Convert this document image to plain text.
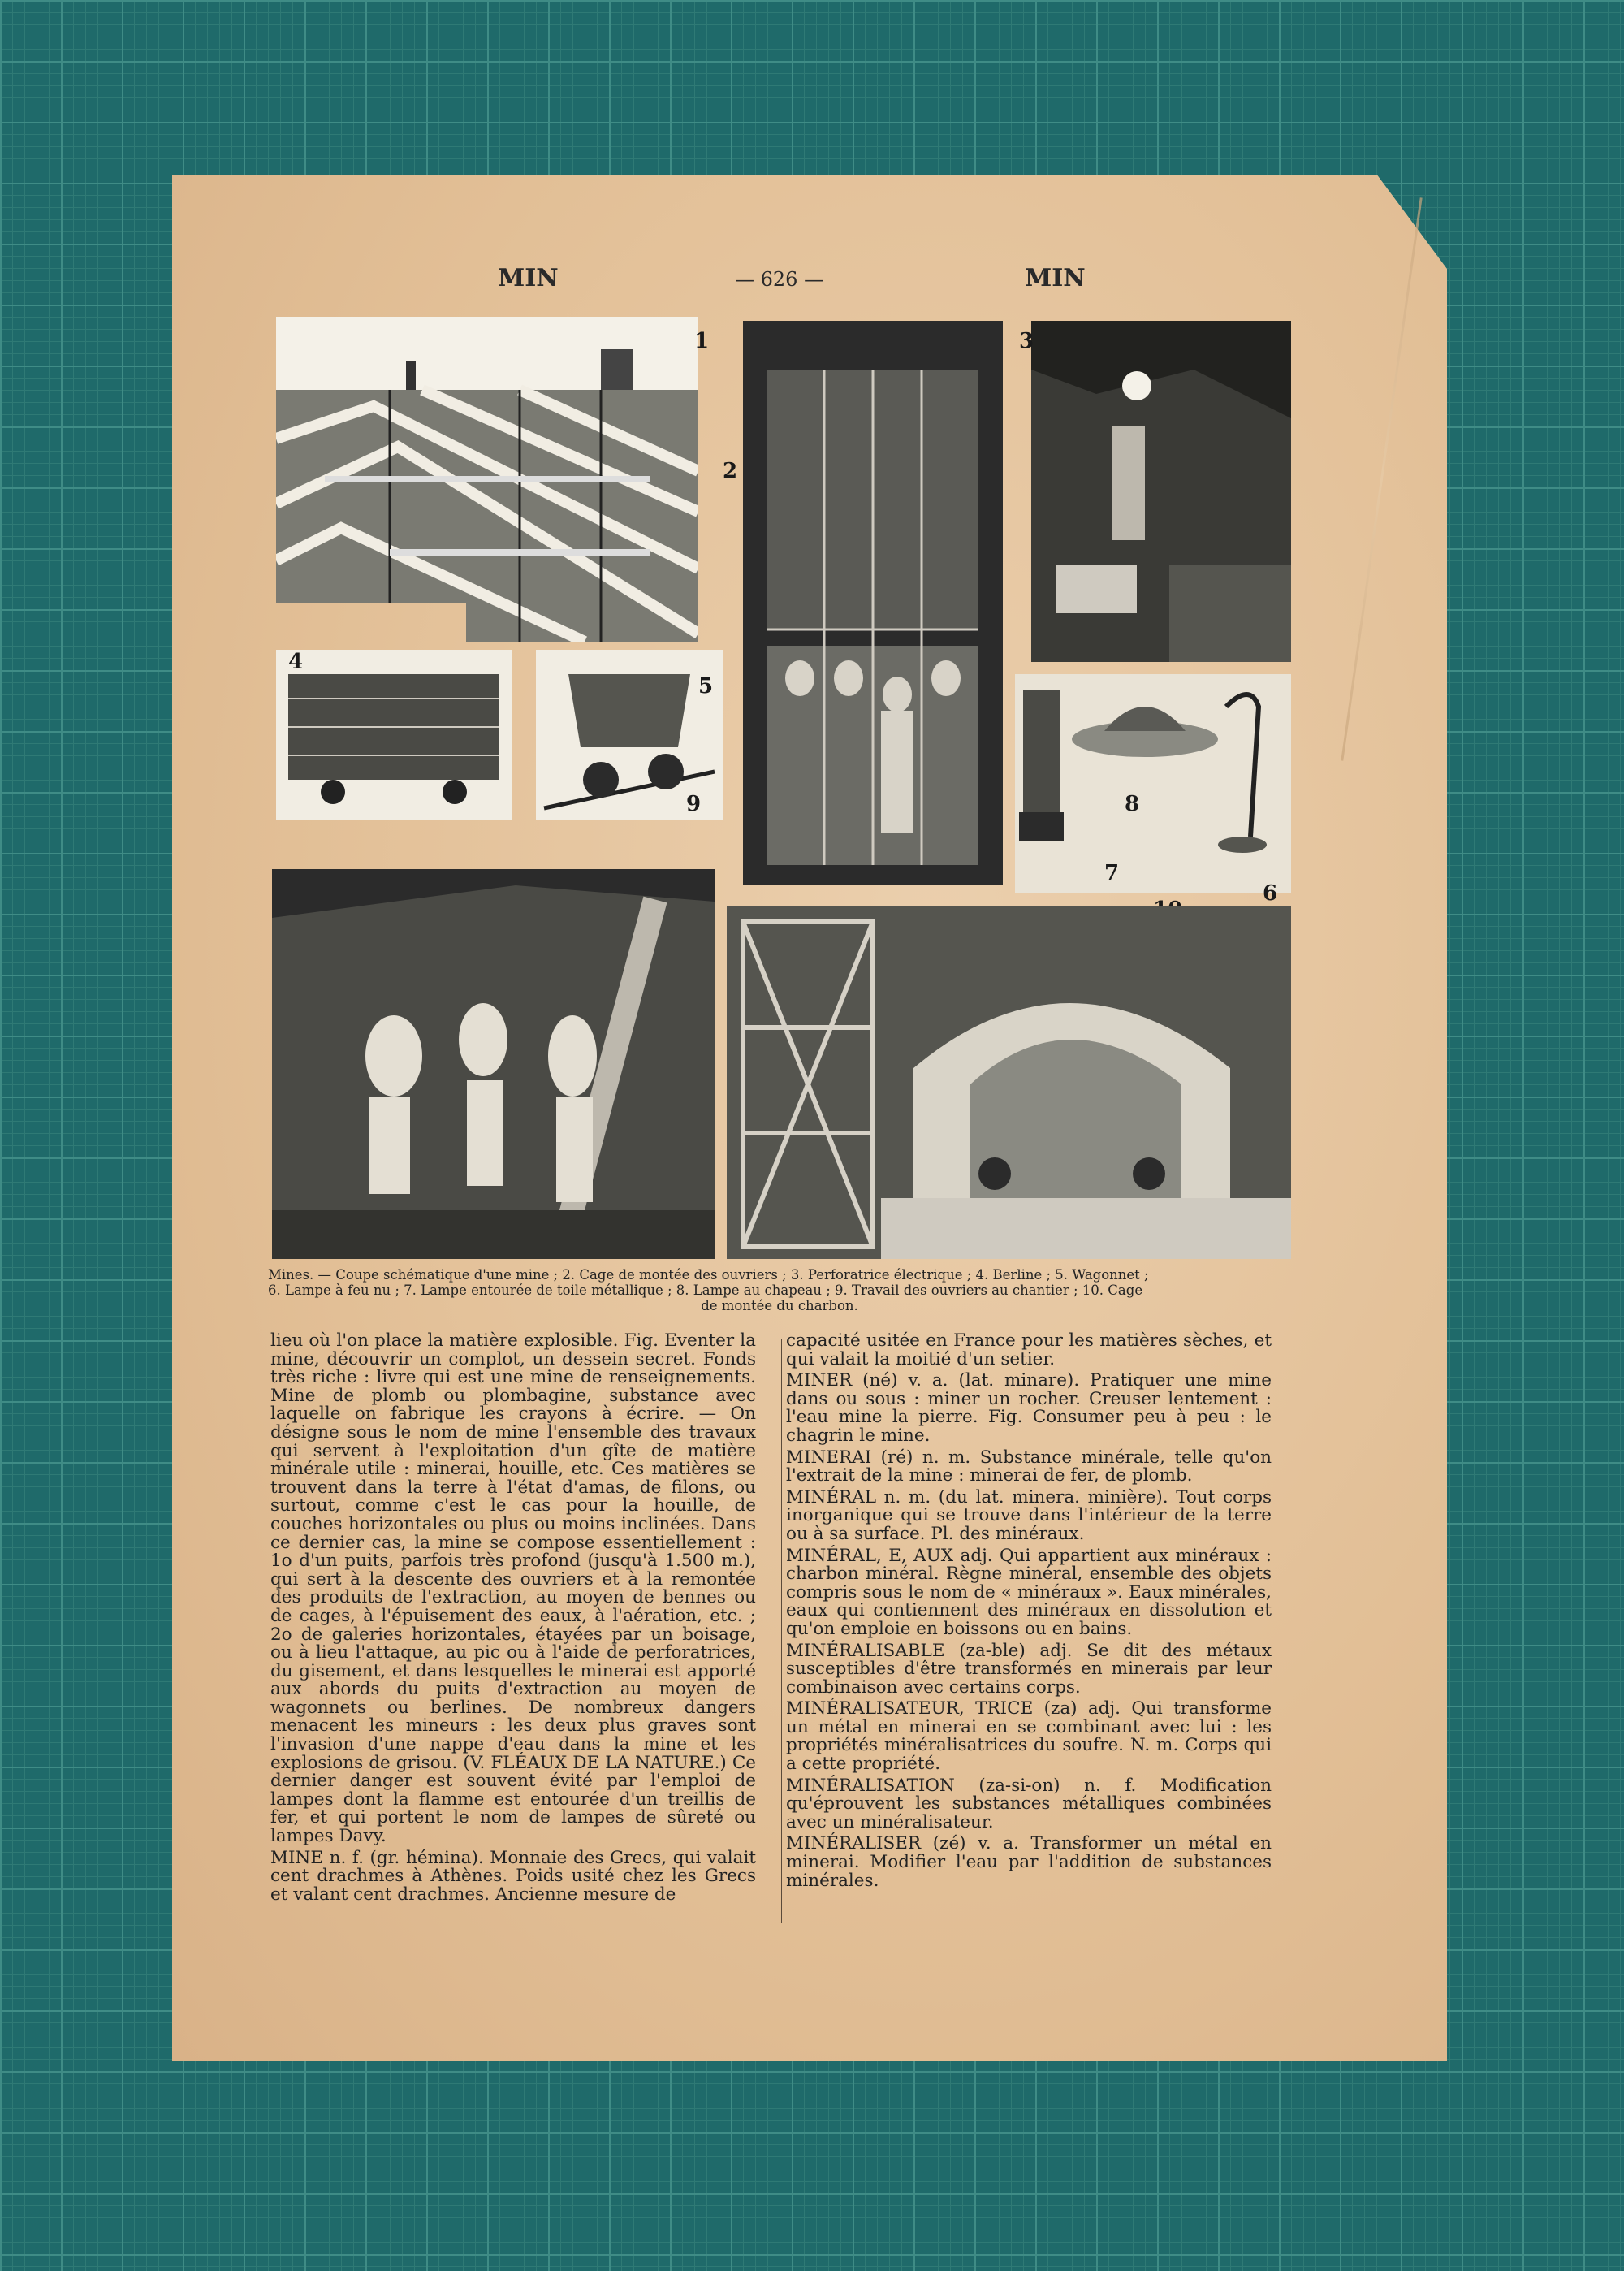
MIN	— 626 —	MIN
1
2
3
4
5
9	8
7
6
Mines. — Coupe schématique d'une mine ; 2. Cage de montée des ouvriers ; 3. Perforatrice électrique ; 4. Berline ; 5. Wagonnet ;
6. Lampe à feu nu ; 7. Lampe entourée de toile métallique ; 8. Lampe au chapeau ; 9. Travail des ouvriers au chantier ; 10. Cage
de montée du charbon.

lieu où l'on place la matière explosible. Fig. Eventer la mine, découvrir un complot, un dessein secret. Fonds très riche : livre qui est une mine de renseignements. Mine de plomb ou plombagine, substance avec laquelle on fabrique les crayons à écrire. — On désigne sous le nom de mine l'ensemble des travaux qui servent à l'exploitation d'un gîte de matière minérale utile : minerai, houille, etc. Ces matières se trouvent dans la terre à l'état d'amas, de filons, ou surtout, comme c'est le cas pour la houille, de couches horizontales ou plus ou moins inclinées. Dans ce dernier cas, la mine se compose essentiellement : 1o d'un puits, parfois très profond (jusqu'à 1.500 m.), qui sert à la descente des ouvriers et à la remontée des produits de l'extraction, au moyen de bennes ou de cages, à l'épuisement des eaux, à l'aération, etc. ; 2o de galeries horizontales, étayées par un boisage, ou à lieu l'attaque, au pic ou à l'aide de perforatrices, du gisement, et dans lesquelles le minerai est apporté aux abords du puits d'extraction au moyen de wagonnets ou berlines. De nombreux dangers menacent les mineurs : les deux plus graves sont l'invasion d'une nappe d'eau dans la mine et les explosions de grisou. (V. FLÉAUX DE LA NATURE.) Ce dernier danger est souvent évité par l'emploi de lampes dont la flamme est entourée d'un treillis de fer, et qui portent le nom de lampes de sûreté ou lampes Davy.

MINE n. f. (gr. hémina). Monnaie des Grecs, qui valait cent drachmes à Athènes. Poids usité chez les Grecs et valant cent drachmes. Ancienne mesure de

capacité usitée en France pour les matières sèches, et qui valait la moitié d'un setier.

MINER (né) v. a. (lat. minare). Pratiquer une mine dans ou sous : miner un rocher. Creuser lentement : l'eau mine la pierre. Fig. Consumer peu à peu : le chagrin le mine.

MINERAI (ré) n. m. Substance minérale, telle qu'on l'extrait de la mine : minerai de fer, de plomb.

MINÉRAL n. m. (du lat. minera. minière). Tout corps inorganique qui se trouve dans l'intérieur de la terre ou à sa surface. Pl. des minéraux.

MINÉRAL, E, AUX adj. Qui appartient aux minéraux : charbon minéral. Règne minéral, ensemble des objets compris sous le nom de « minéraux ». Eaux minérales, eaux qui contiennent des minéraux en dissolution et qu'on emploie en boissons ou en bains.

MINÉRALISABLE (za-ble) adj. Se dit des métaux susceptibles d'être transformés en minerais par leur combinaison avec certains corps.

MINÉRALISATEUR, TRICE (za) adj. Qui transforme un métal en minerai en se combinant avec lui : les propriétés minéralisatrices du soufre. N. m. Corps qui a cette propriété.

MINÉRALISATION (za-si-on) n. f. Modification qu'éprouvent les substances métalliques combinées avec un minéralisateur.

MINÉRALISER (zé) v. a. Transformer un métal en minerai. Modifier l'eau par l'addition de substances minérales.
